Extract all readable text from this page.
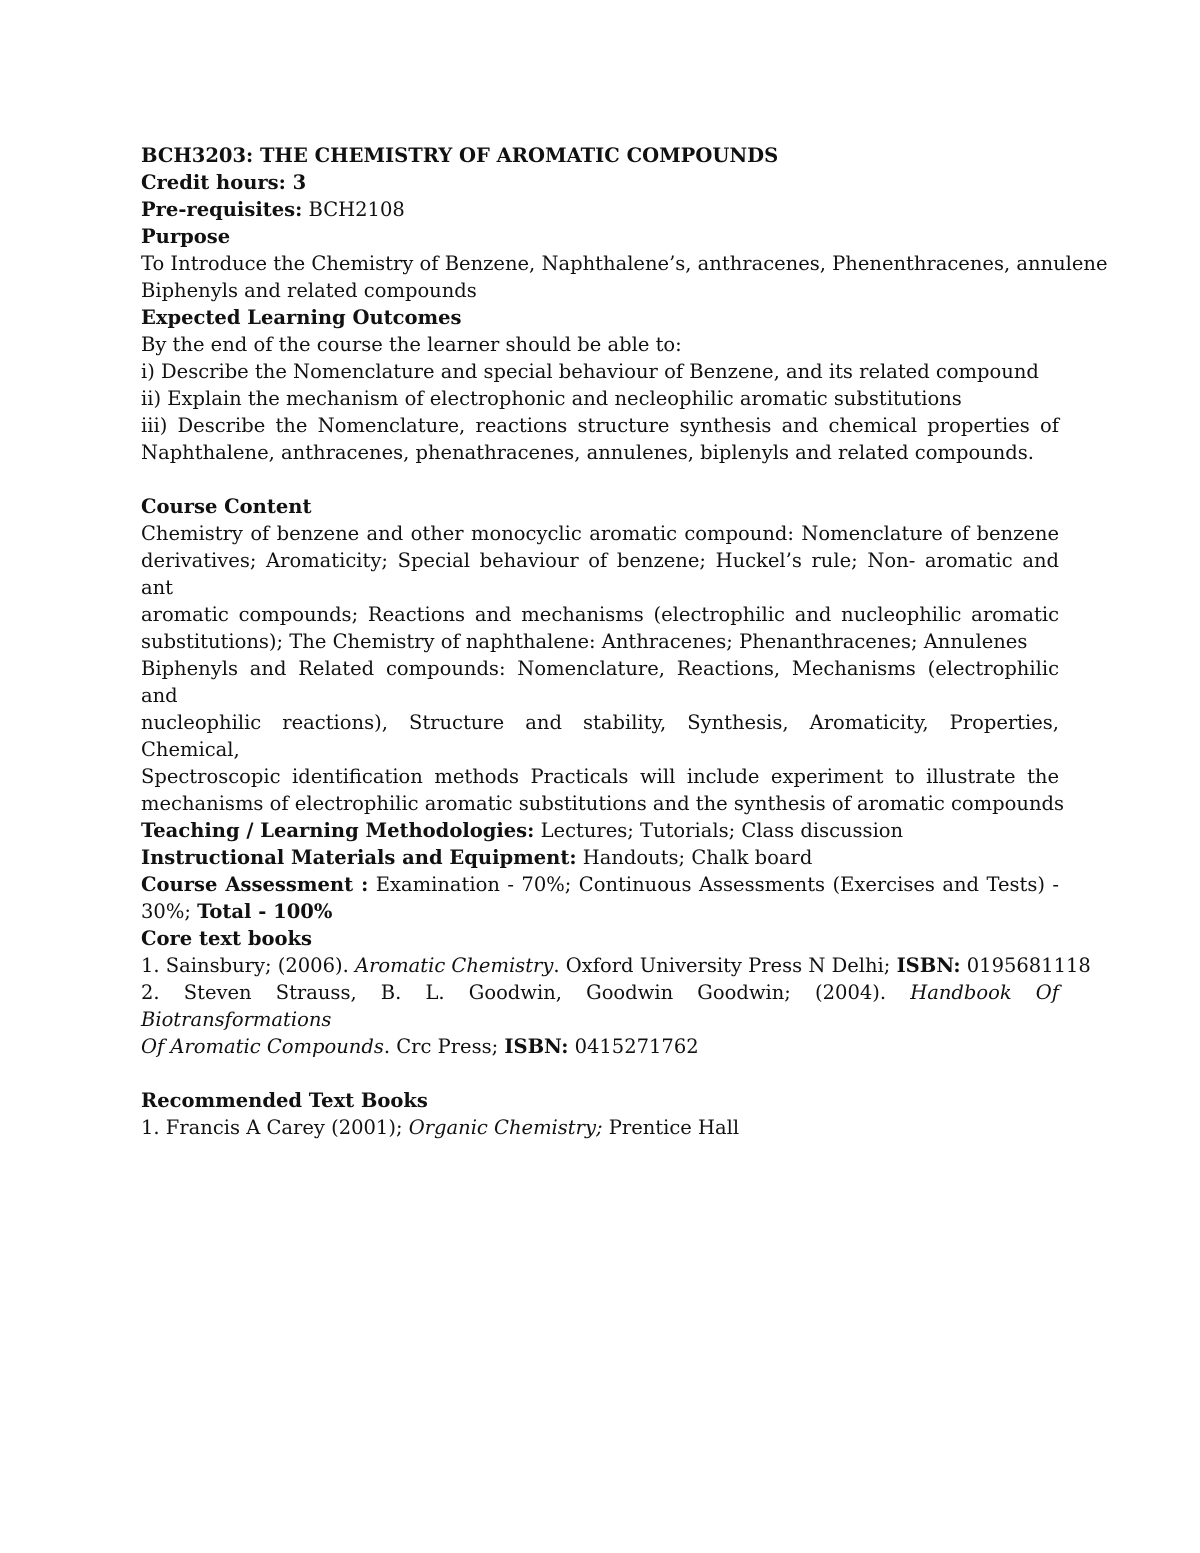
BCH3203: THE CHEMISTRY OF AROMATIC COMPOUNDS
Credit hours: 3
Pre-requisites: BCH2108
Purpose
To Introduce the Chemistry of Benzene, Naphthalene’s, anthracenes, Phenenthracenes, annulene
Biphenyls and related compounds
Expected Learning Outcomes
By the end of the course the learner should be able to:
i) Describe the Nomenclature and special behaviour of Benzene, and its related compound
ii) Explain the mechanism of electrophonic and necleophilic aromatic substitutions
iii) Describe the Nomenclature, reactions structure synthesis and chemical properties of
Naphthalene, anthracenes, phenathracenes, annulenes, biplenyls and related compounds.
Course Content
Chemistry of benzene and other monocyclic aromatic compound: Nomenclature of benzene
derivatives; Aromaticity; Special behaviour of benzene; Huckel’s rule; Non- aromatic and ant
aromatic compounds; Reactions and mechanisms (electrophilic and nucleophilic aromatic
substitutions); The Chemistry of naphthalene: Anthracenes; Phenanthracenes; Annulenes
Biphenyls and Related compounds: Nomenclature, Reactions, Mechanisms (electrophilic and
nucleophilic reactions), Structure and stability, Synthesis, Aromaticity, Properties, Chemical,
Spectroscopic identification methods Practicals will include experiment to illustrate the
mechanisms of electrophilic aromatic substitutions and the synthesis of aromatic compounds
Teaching / Learning Methodologies: Lectures; Tutorials; Class discussion
Instructional Materials and Equipment: Handouts; Chalk board
Course Assessment : Examination - 70%; Continuous Assessments (Exercises and Tests) -
30%; Total - 100%
Core text books
1. Sainsbury; (2006). Aromatic Chemistry. Oxford University Press N Delhi; ISBN: 0195681118
2. Steven Strauss, B. L. Goodwin, Goodwin Goodwin; (2004). Handbook Of Biotransformations
Of Aromatic Compounds. Crc Press; ISBN: 0415271762
Recommended Text Books
1. Francis A Carey (2001); Organic Chemistry; Prentice Hall
